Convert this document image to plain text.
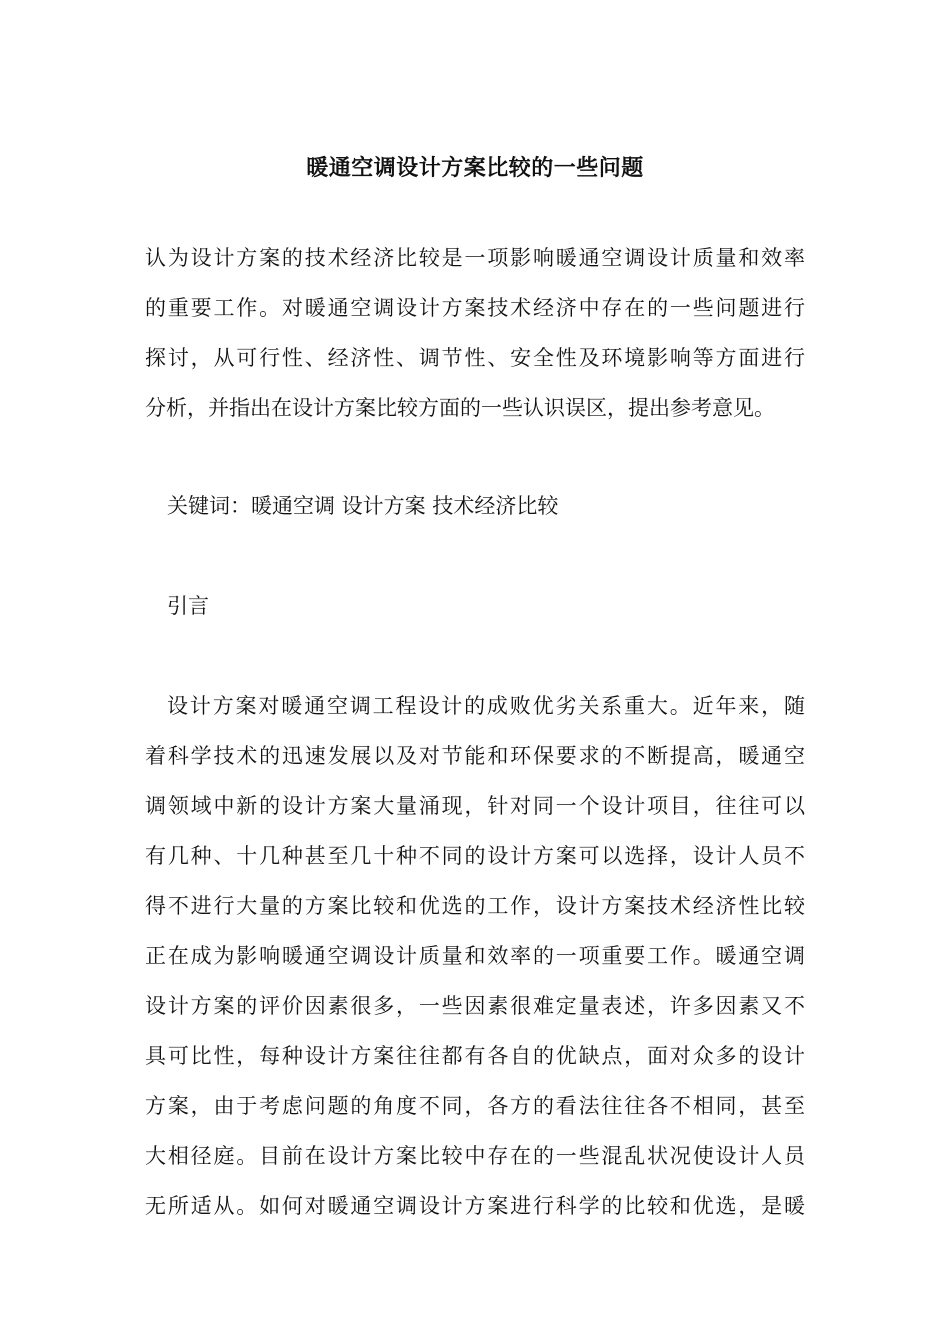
暖通空调设计方案比较的一些问题
认为设计方案的技术经济比较是一项影响暖通空调设计质量和效率
的重要工作。对暖通空调设计方案技术经济中存在的一些问题进行
探讨，从可行性、经济性、调节性、安全性及环境影响等方面进行
分析，并指出在设计方案比较方面的一些认识误区，提出参考意见。
关键词：暖通空调 设计方案 技术经济比较
引言
设计方案对暖通空调工程设计的成败优劣关系重大。近年来，随
着科学技术的迅速发展以及对节能和环保要求的不断提高，暖通空
调领域中新的设计方案大量涌现，针对同一个设计项目，往往可以
有几种、十几种甚至几十种不同的设计方案可以选择，设计人员不
得不进行大量的方案比较和优选的工作，设计方案技术经济性比较
正在成为影响暖通空调设计质量和效率的一项重要工作。暖通空调
设计方案的评价因素很多，一些因素很难定量表述，许多因素又不
具可比性，每种设计方案往往都有各自的优缺点，面对众多的设计
方案，由于考虑问题的角度不同，各方的看法往往各不相同，甚至
大相径庭。目前在设计方案比较中存在的一些混乱状况使设计人员
无所适从。如何对暖通空调设计方案进行科学的比较和优选，是暖
